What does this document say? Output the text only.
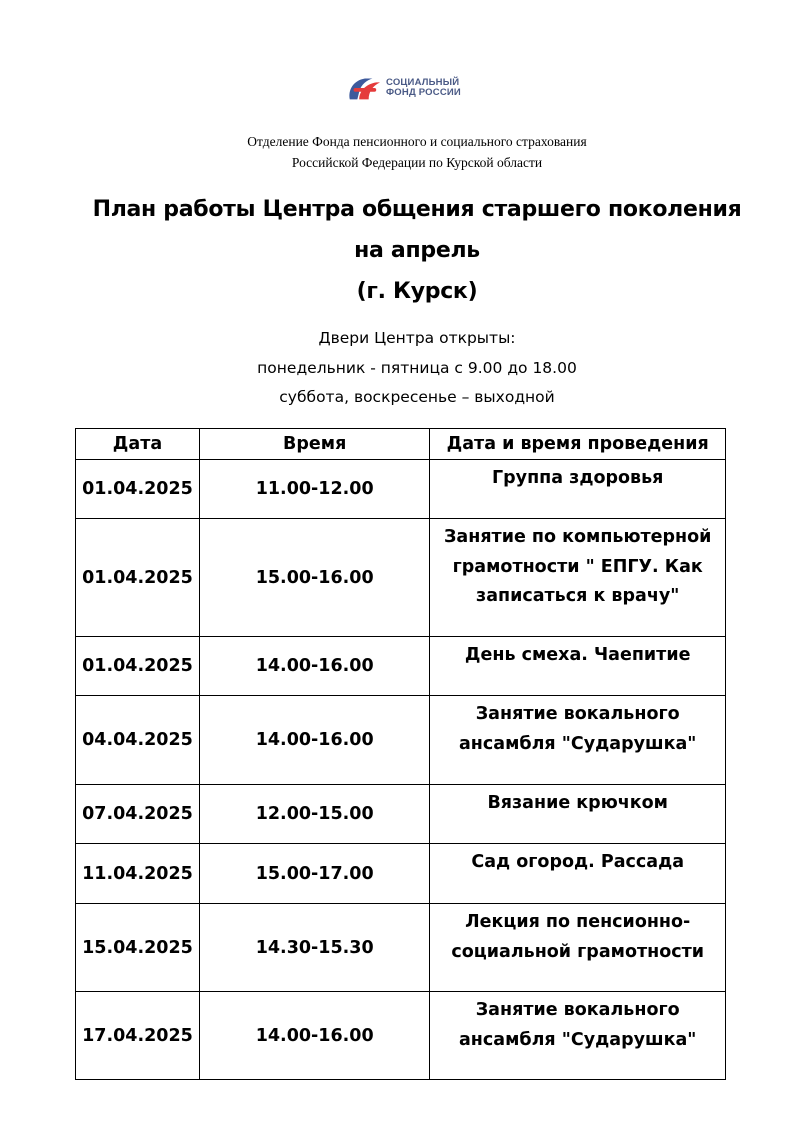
СОЦИАЛЬНЫЙ
ФОНД РОССИИ
Отделение Фонда пенсионного и социального страхования
Российской Федерации по Курской области
План работы Центра общения старшего поколения
на апрель
(г. Курск)
Двери Центра открыты:
понедельник - пятница с 9.00 до 18.00
суббота, воскресенье – выходной
Дата	Время	Дата и время проведения
01.04.2025	11.00-12.00	Группа здоровья
01.04.2025	15.00-16.00	Занятие по компьютерной грамотности " ЕПГУ. Как записаться к врачу"
01.04.2025	14.00-16.00	День смеха. Чаепитие
04.04.2025	14.00-16.00	Занятие вокального ансамбля "Сударушка"
07.04.2025	12.00-15.00	Вязание крючком
11.04.2025	15.00-17.00	Сад огород. Рассада
15.04.2025	14.30-15.30	Лекция по пенсионно-социальной грамотности
17.04.2025	14.00-16.00	Занятие вокального ансамбля "Сударушка"
